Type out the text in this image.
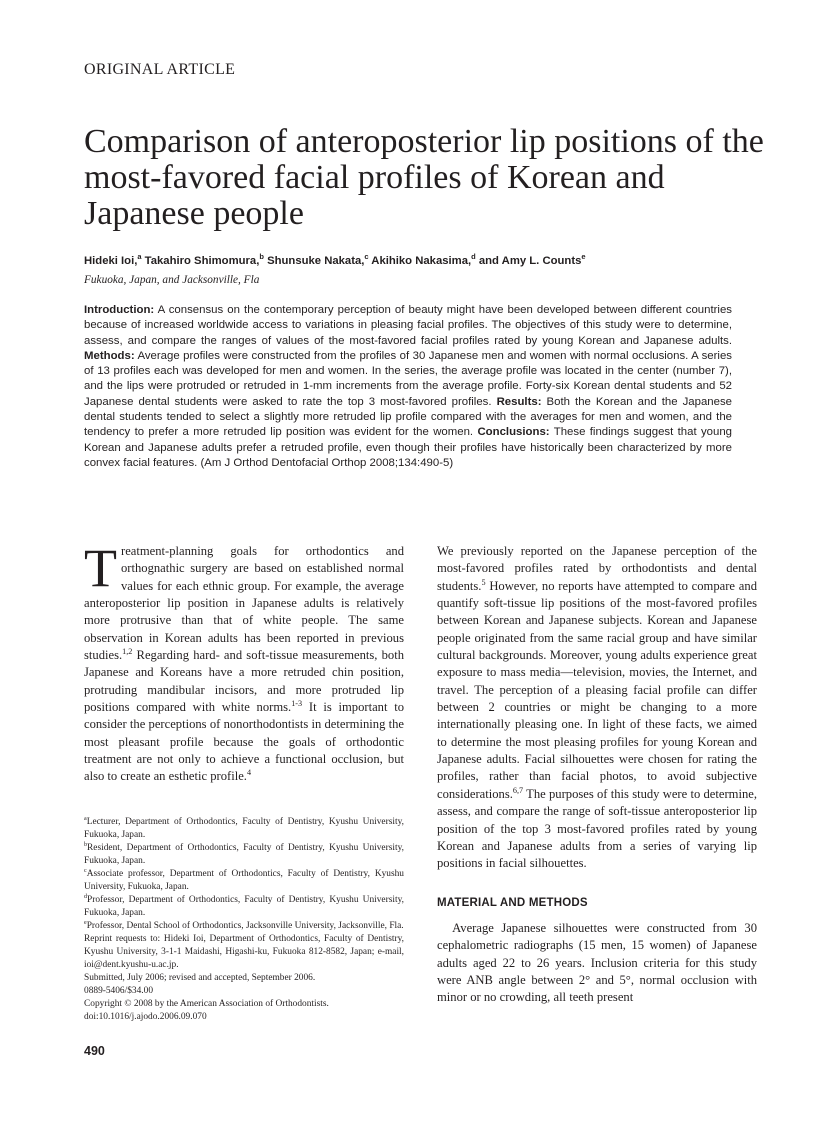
ORIGINAL ARTICLE
Comparison of anteroposterior lip positions of the most-favored facial profiles of Korean and Japanese people
Hideki Ioi,$^a$ Takahiro Shimomura,$^b$ Shunsuke Nakata,$^c$ Akihiko Nakasima,$^d$ and Amy L. Counts$^e$
Fukuoka, Japan, and Jacksonville, Fla
Introduction: A consensus on the contemporary perception of beauty might have been developed between different countries because of increased worldwide access to variations in pleasing facial profiles. The objectives of this study were to determine, assess, and compare the ranges of values of the most-favored facial profiles rated by young Korean and Japanese adults. Methods: Average profiles were constructed from the profiles of 30 Japanese men and women with normal occlusions. A series of 13 profiles each was developed for men and women. In the series, the average profile was located in the center (number 7), and the lips were protruded or retruded in 1-mm increments from the average profile. Forty-six Korean dental students and 52 Japanese dental students were asked to rate the top 3 most-favored profiles. Results: Both the Korean and the Japanese dental students tended to select a slightly more retruded lip profile compared with the averages for men and women, and the tendency to prefer a more retruded lip position was evident for the women. Conclusions: These findings suggest that young Korean and Japanese adults prefer a retruded profile, even though their profiles have historically been characterized by more convex facial features. (Am J Orthod Dentofacial Orthop 2008;134:490-5)

Treatment-planning goals for orthodontics and orthognathic surgery are based on established normal values for each ethnic group. For example, the average anteroposterior lip position in Japanese adults is relatively more protrusive than that of white people. The same observation in Korean adults has been reported in previous studies.$^{1,2}$ Regarding hard- and soft-tissue measurements, both Japanese and Koreans have a more retruded chin position, protruding mandibular incisors, and more protruded lip positions compared with white norms.$^{1-3}$ It is important to consider the perceptions of nonorthodontists in determining the most pleasant profile because the goals of orthodontic treatment are not only to achieve a functional occlusion, but also to create an esthetic profile.$^4$

We previously reported on the Japanese perception of the most-favored profiles rated by orthodontists and dental students.$^5$ However, no reports have attempted to compare and quantify soft-tissue lip positions of the most-favored profiles between Korean and Japanese subjects. Korean and Japanese people originated from the same racial group and have similar cultural backgrounds. Moreover, young adults experience great exposure to mass media—television, movies, the Internet, and travel. The perception of a pleasing facial profile can differ between 2 countries or might be changing to a more internationally pleasing one. In light of these facts, we aimed to determine the most pleasing profiles for young Korean and Japanese adults. Facial silhouettes were chosen for rating the profiles, rather than facial photos, to avoid subjective considerations.$^{6,7}$ The purposes of this study were to determine, assess, and compare the range of soft-tissue anteroposterior lip position of the top 3 most-favored profiles rated by young Korean and Japanese adults from a series of varying lip positions in facial silhouettes.

MATERIAL AND METHODS

Average Japanese silhouettes were constructed from 30 cephalometric radiographs (15 men, 15 women) of Japanese adults aged 22 to 26 years. Inclusion criteria for this study were ANB angle between 2° and 5°, normal occlusion with minor or no crowding, all teeth present

$^a$Lecturer, Department of Orthodontics, Faculty of Dentistry, Kyushu University, Fukuoka, Japan.
$^b$Resident, Department of Orthodontics, Faculty of Dentistry, Kyushu University, Fukuoka, Japan.
$^c$Associate professor, Department of Orthodontics, Faculty of Dentistry, Kyushu University, Fukuoka, Japan.
$^d$Professor, Department of Orthodontics, Faculty of Dentistry, Kyushu University, Fukuoka, Japan.
$^e$Professor, Dental School of Orthodontics, Jacksonville University, Jacksonville, Fla.
Reprint requests to: Hideki Ioi, Department of Orthodontics, Faculty of Dentistry, Kyushu University, 3-1-1 Maidashi, Higashi-ku, Fukuoka 812-8582, Japan; e-mail, ioi@dent.kyushu-u.ac.jp.
Submitted, July 2006; revised and accepted, September 2006.
0889-5406/$34.00
Copyright © 2008 by the American Association of Orthodontists.
doi:10.1016/j.ajodo.2006.09.070
490
